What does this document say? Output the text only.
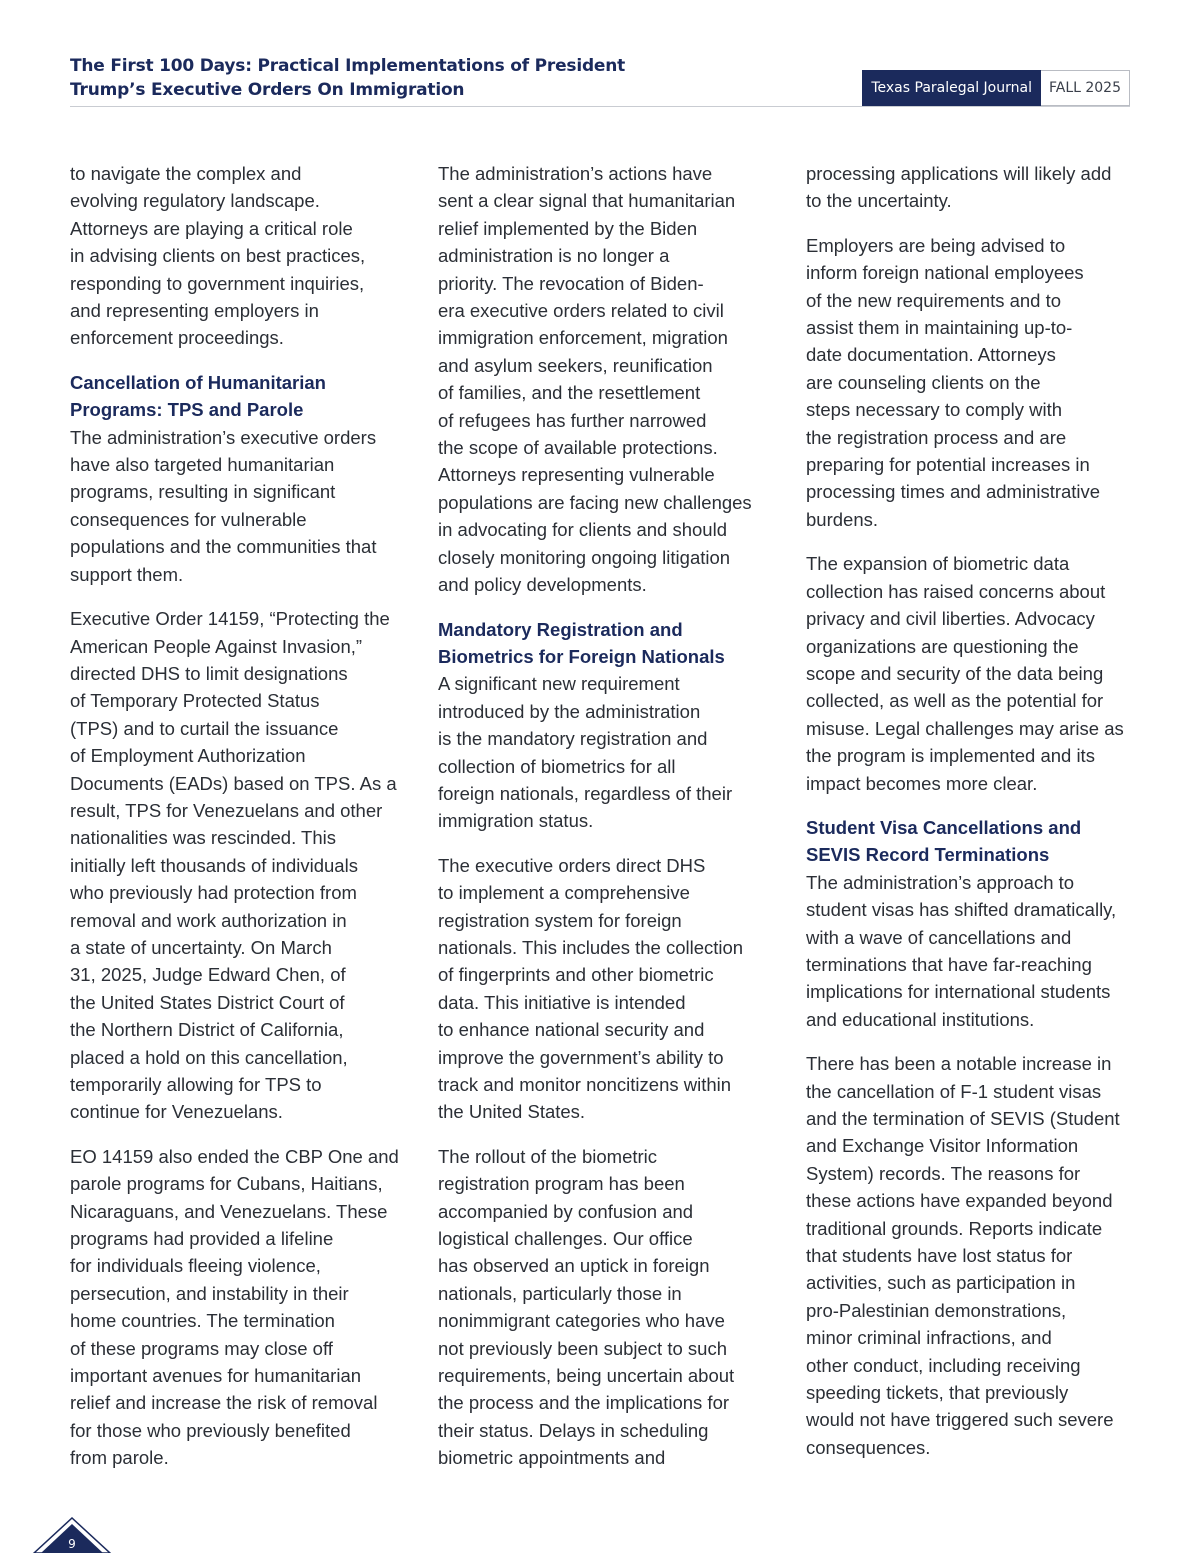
The First 100 Days: Practical Implementations of President
Trump’s Executive Orders On Immigration	Texas Paralegal Journal	FALL 2025

to navigate the complex and
evolving regulatory landscape.
Attorneys are playing a critical role
in advising clients on best practices,
responding to government inquiries,
and representing employers in
enforcement proceedings.

Cancellation of Humanitarian
Programs: TPS and Parole

The administration’s executive orders
have also targeted humanitarian
programs, resulting in significant
consequences for vulnerable
populations and the communities that
support them.

Executive Order 14159, “Protecting the
American People Against Invasion,”
directed DHS to limit designations
of Temporary Protected Status
(TPS) and to curtail the issuance
of Employment Authorization
Documents (EADs) based on TPS. As a
result, TPS for Venezuelans and other
nationalities was rescinded. This
initially left thousands of individuals
who previously had protection from
removal and work authorization in
a state of uncertainty. On March
31, 2025, Judge Edward Chen, of
the United States District Court of
the Northern District of California,
placed a hold on this cancellation,
temporarily allowing for TPS to
continue for Venezuelans.

EO 14159 also ended the CBP One and
parole programs for Cubans, Haitians,
Nicaraguans, and Venezuelans. These
programs had provided a lifeline
for individuals fleeing violence,
persecution, and instability in their
home countries. The termination
of these programs may close off
important avenues for humanitarian
relief and increase the risk of removal
for those who previously benefited
from parole.

The administration’s actions have
sent a clear signal that humanitarian
relief implemented by the Biden
administration is no longer a
priority. The revocation of Biden-
era executive orders related to civil
immigration enforcement, migration
and asylum seekers, reunification
of families, and the resettlement
of refugees has further narrowed
the scope of available protections.
Attorneys representing vulnerable
populations are facing new challenges
in advocating for clients and should
closely monitoring ongoing litigation
and policy developments.

Mandatory Registration and
Biometrics for Foreign Nationals

A significant new requirement
introduced by the administration
is the mandatory registration and
collection of biometrics for all
foreign nationals, regardless of their
immigration status.

The executive orders direct DHS
to implement a comprehensive
registration system for foreign
nationals. This includes the collection
of fingerprints and other biometric
data. This initiative is intended
to enhance national security and
improve the government’s ability to
track and monitor noncitizens within
the United States.

The rollout of the biometric
registration program has been
accompanied by confusion and
logistical challenges. Our office
has observed an uptick in foreign
nationals, particularly those in
nonimmigrant categories who have
not previously been subject to such
requirements, being uncertain about
the process and the implications for
their status. Delays in scheduling
biometric appointments and

processing applications will likely add
to the uncertainty.

Employers are being advised to
inform foreign national employees
of the new requirements and to
assist them in maintaining up-to-
date documentation. Attorneys
are counseling clients on the
steps necessary to comply with
the registration process and are
preparing for potential increases in
processing times and administrative
burdens.

The expansion of biometric data
collection has raised concerns about
privacy and civil liberties. Advocacy
organizations are questioning the
scope and security of the data being
collected, as well as the potential for
misuse. Legal challenges may arise as
the program is implemented and its
impact becomes more clear.

Student Visa Cancellations and
SEVIS Record Terminations

The administration’s approach to
student visas has shifted dramatically,
with a wave of cancellations and
terminations that have far-reaching
implications for international students
and educational institutions.

There has been a notable increase in
the cancellation of F-1 student visas
and the termination of SEVIS (Student
and Exchange Visitor Information
System) records. The reasons for
these actions have expanded beyond
traditional grounds. Reports indicate
that students have lost status for
activities, such as participation in
pro-Palestinian demonstrations,
minor criminal infractions, and
other conduct, including receiving
speeding tickets, that previously
would not have triggered such severe
consequences.

9
